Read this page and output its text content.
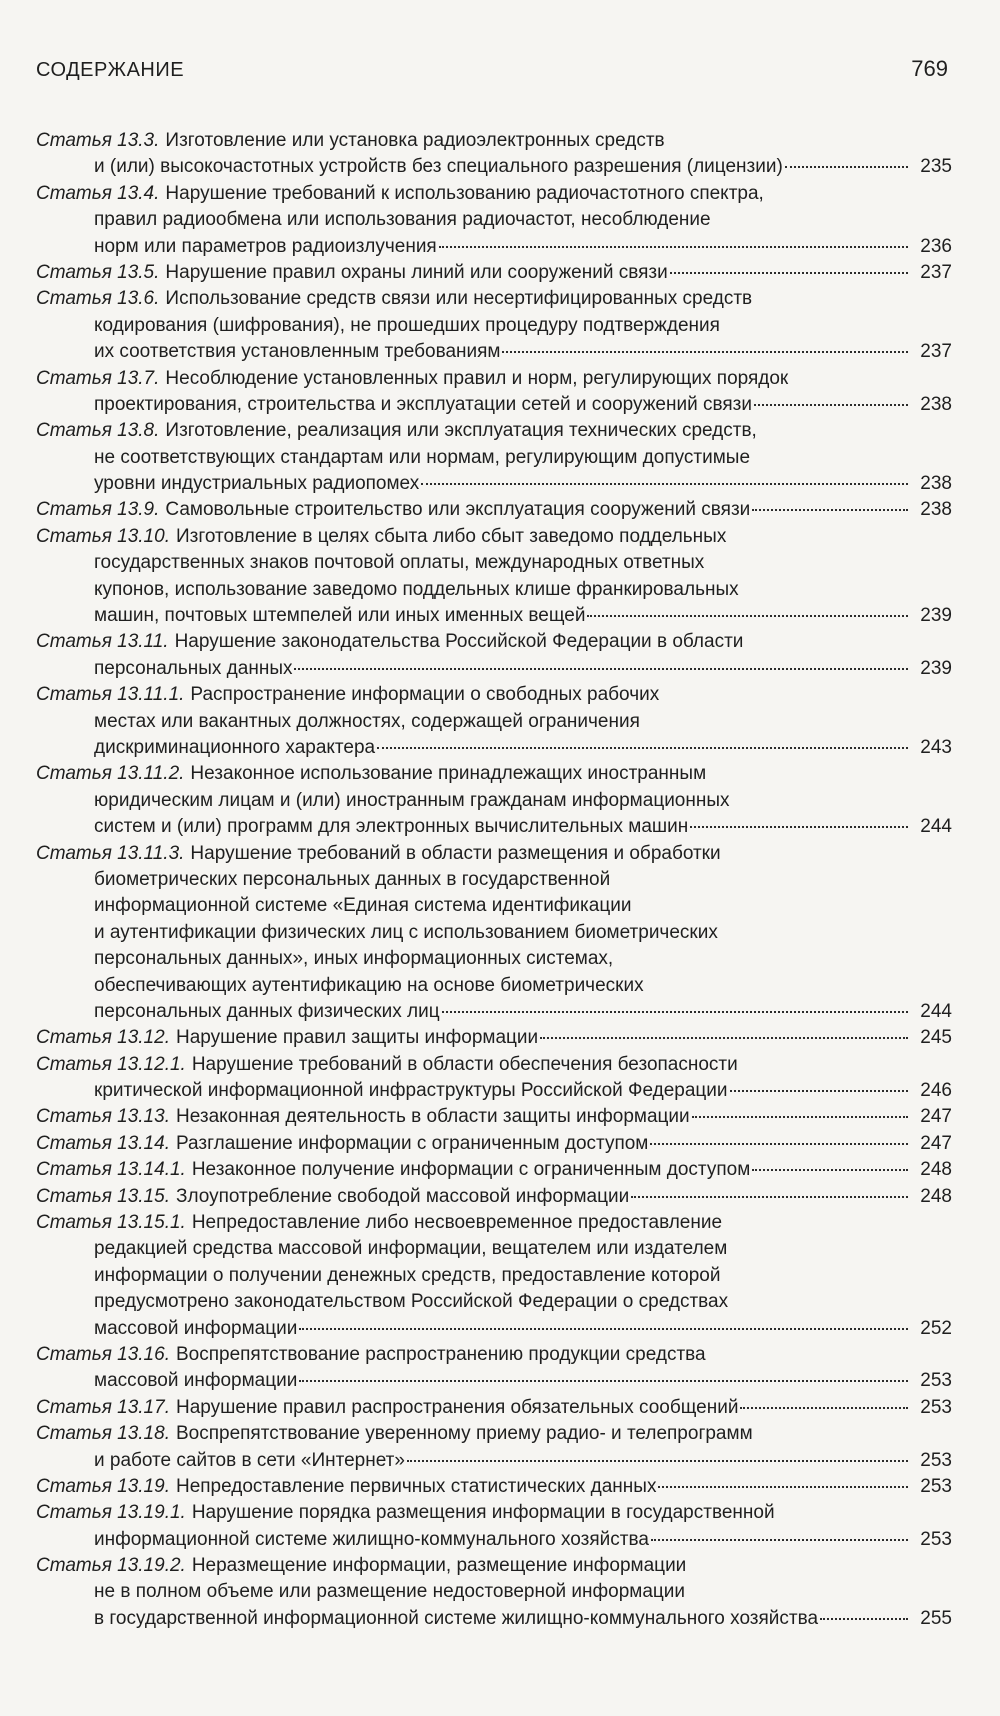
СОДЕРЖАНИЕ	769
Статья 13.3. Изготовление или установка радиоэлектронных средств
и (или) высокочастотных устройств без специального разрешения (лицензии)	235
Статья 13.4. Нарушение требований к использованию радиочастотного спектра,
правил радиообмена или использования радиочастот, несоблюдение
норм или параметров радиоизлучения	236
Статья 13.5. Нарушение правил охраны линий или сооружений связи	237
Статья 13.6. Использование средств связи или несертифицированных средств
кодирования (шифрования), не прошедших процедуру подтверждения
их соответствия установленным требованиям	237
Статья 13.7. Несоблюдение установленных правил и норм, регулирующих порядок
проектирования, строительства и эксплуатации сетей и сооружений связи	238
Статья 13.8. Изготовление, реализация или эксплуатация технических средств,
не соответствующих стандартам или нормам, регулирующим допустимые
уровни индустриальных радиопомех	238
Статья 13.9. Самовольные строительство или эксплуатация сооружений связи	238
Статья 13.10. Изготовление в целях сбыта либо сбыт заведомо поддельных
государственных знаков почтовой оплаты, международных ответных
купонов, использование заведомо поддельных клише франкировальных
машин, почтовых штемпелей или иных именных вещей	239
Статья 13.11. Нарушение законодательства Российской Федерации в области
персональных данных	239
Статья 13.11.1. Распространение информации о свободных рабочих
местах или вакантных должностях, содержащей ограничения
дискриминационного характера	243
Статья 13.11.2. Незаконное использование принадлежащих иностранным
юридическим лицам и (или) иностранным гражданам информационных
систем и (или) программ для электронных вычислительных машин	244
Статья 13.11.3. Нарушение требований в области размещения и обработки
биометрических персональных данных в государственной
информационной системе «Единая система идентификации
и аутентификации физических лиц с использованием биометрических
персональных данных», иных информационных системах,
обеспечивающих аутентификацию на основе биометрических
персональных данных физических лиц	244
Статья 13.12. Нарушение правил защиты информации	245
Статья 13.12.1. Нарушение требований в области обеспечения безопасности
критической информационной инфраструктуры Российской Федерации	246
Статья 13.13. Незаконная деятельность в области защиты информации	247
Статья 13.14. Разглашение информации с ограниченным доступом	247
Статья 13.14.1. Незаконное получение информации с ограниченным доступом	248
Статья 13.15. Злоупотребление свободой массовой информации	248
Статья 13.15.1. Непредоставление либо несвоевременное предоставление
редакцией средства массовой информации, вещателем или издателем
информации о получении денежных средств, предоставление которой
предусмотрено законодательством Российской Федерации о средствах
массовой информации	252
Статья 13.16. Воспрепятствование распространению продукции средства
массовой информации	253
Статья 13.17. Нарушение правил распространения обязательных сообщений	253
Статья 13.18. Воспрепятствование уверенному приему радио- и телепрограмм
и работе сайтов в сети «Интернет»	253
Статья 13.19. Непредоставление первичных статистических данных	253
Статья 13.19.1. Нарушение порядка размещения информации в государственной
информационной системе жилищно-коммунального хозяйства	253
Статья 13.19.2. Неразмещение информации, размещение информации
не в полном объеме или размещение недостоверной информации
в государственной информационной системе жилищно-коммунального хозяйства	255
